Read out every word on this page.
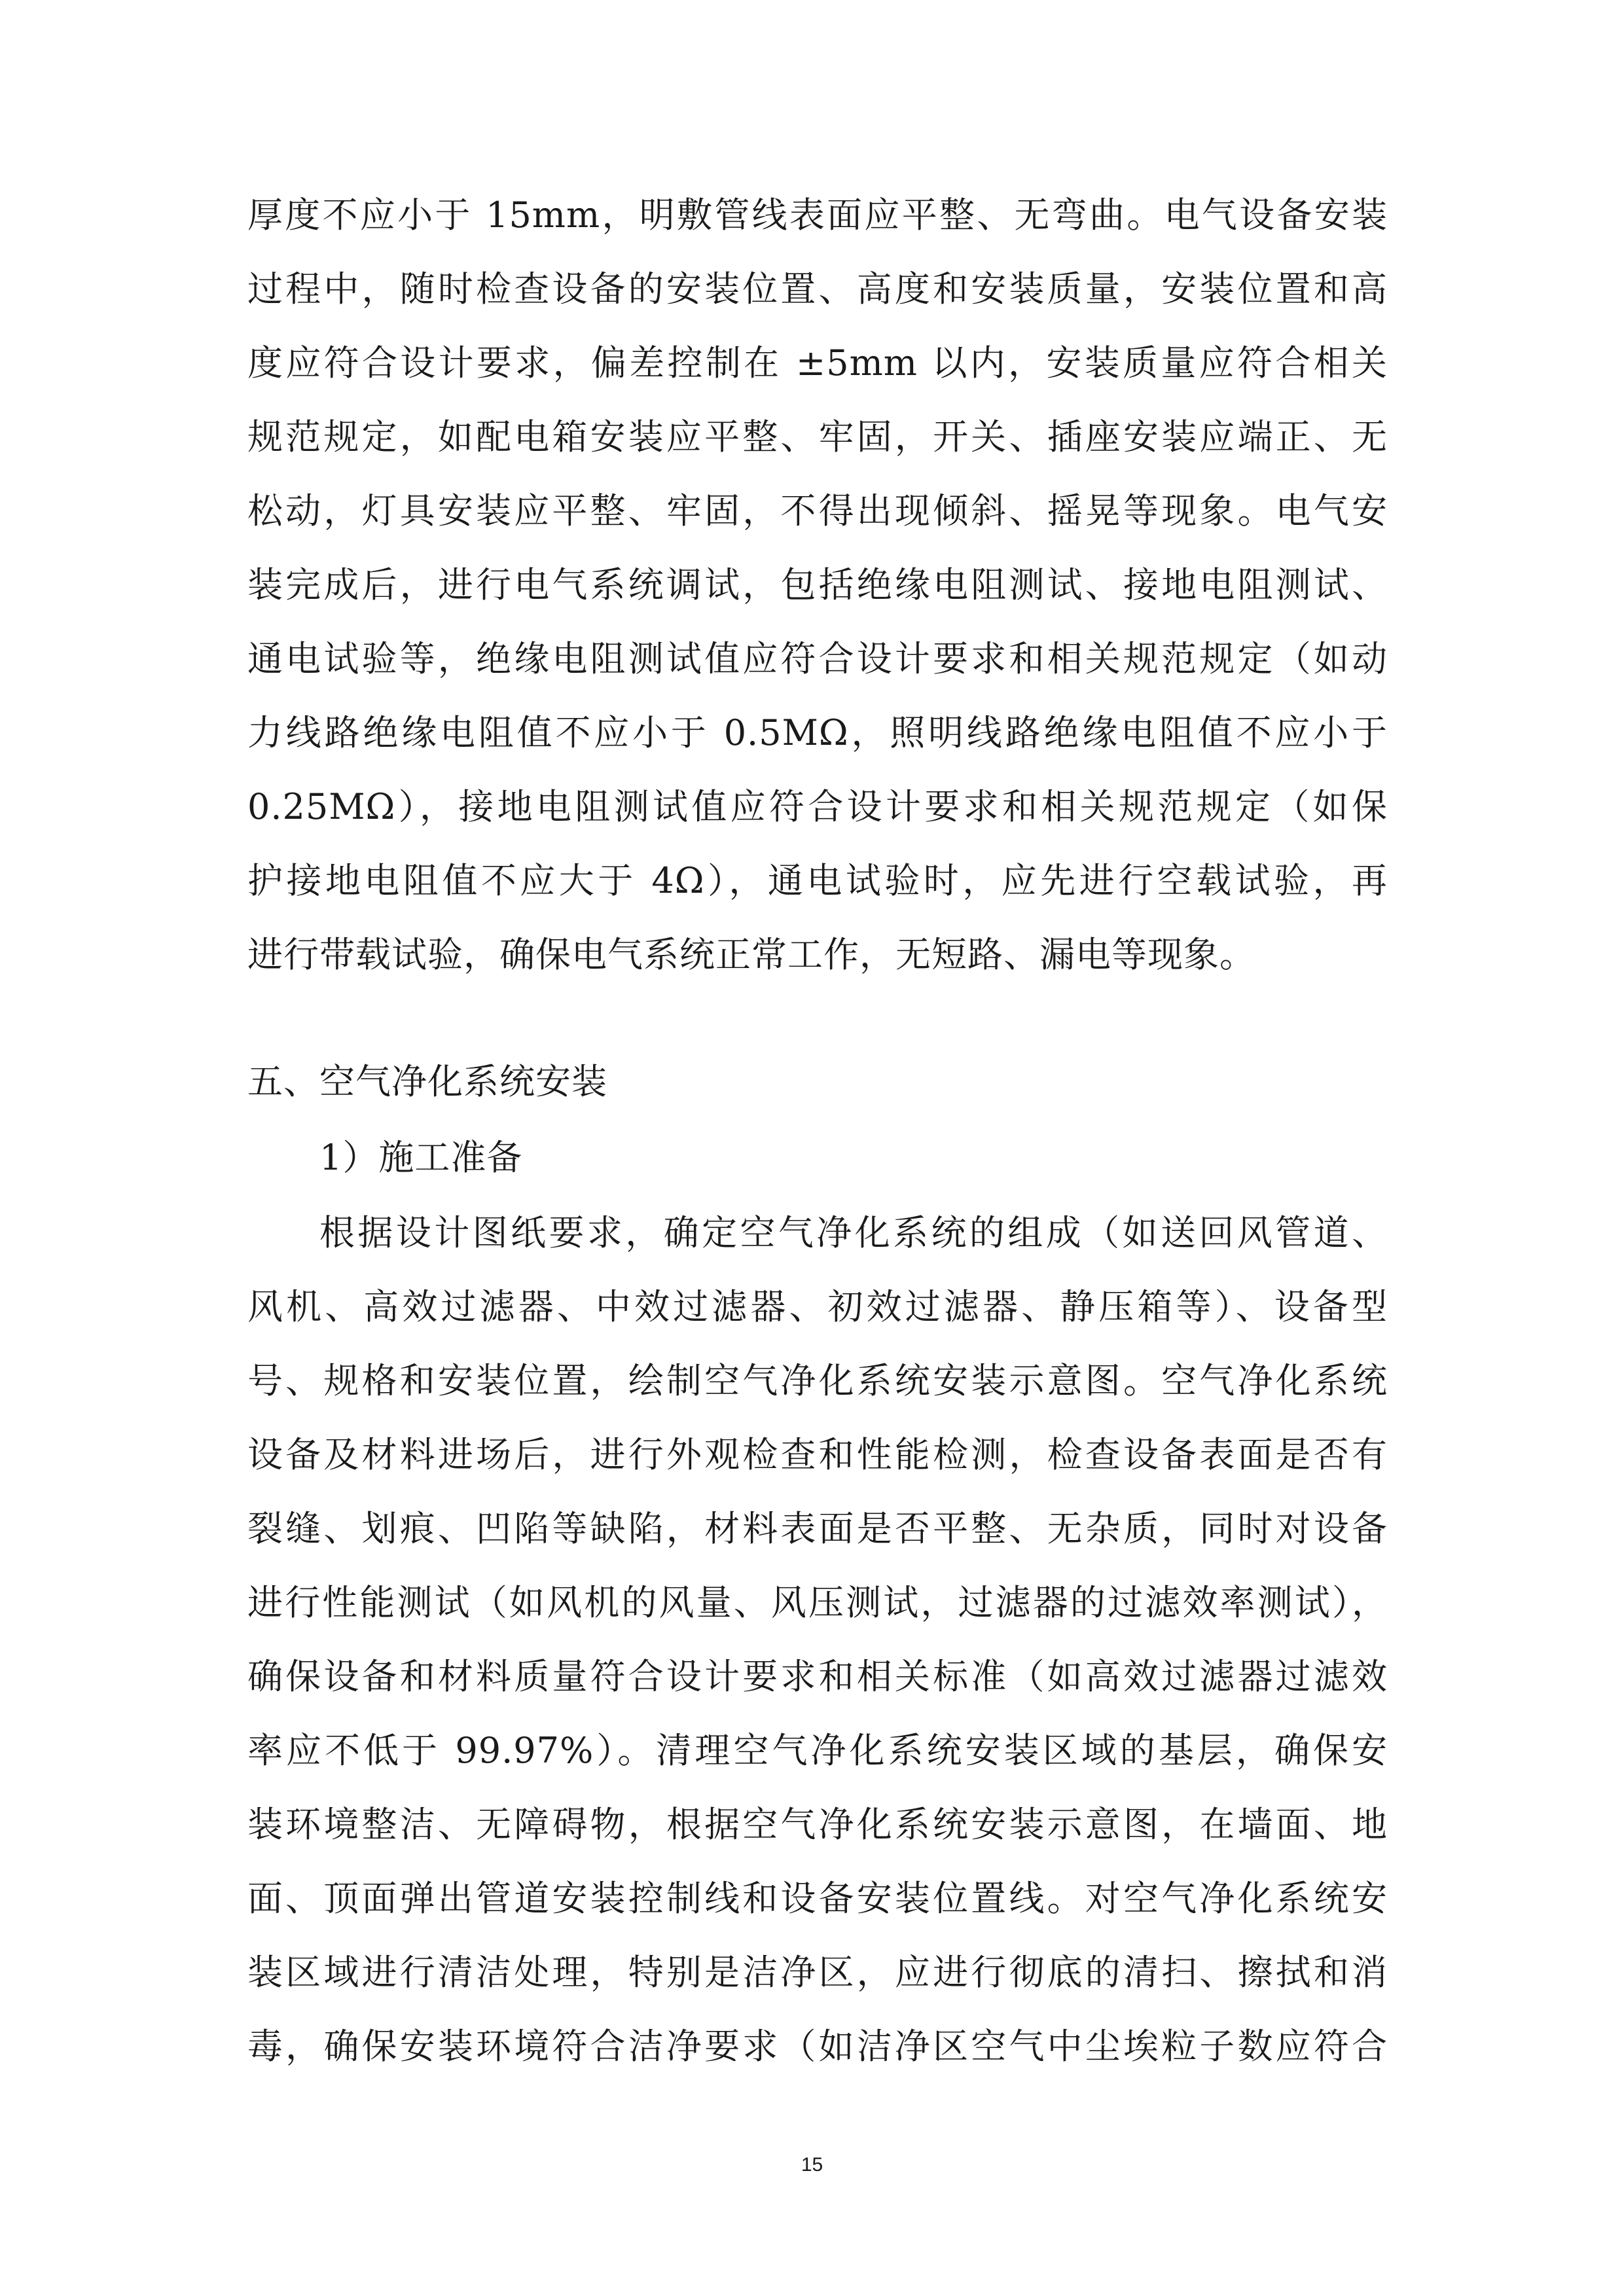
厚度不应小于 15mm，明敷管线表面应平整、无弯曲。电气设备安装
过程中，随时检查设备的安装位置、高度和安装质量，安装位置和高
度应符合设计要求，偏差控制在 ±5mm 以内，安装质量应符合相关
规范规定，如配电箱安装应平整、牢固，开关、插座安装应端正、无
松动，灯具安装应平整、牢固，不得出现倾斜、摇晃等现象。电气安
装完成后，进行电气系统调试，包括绝缘电阻测试、接地电阻测试、
通电试验等，绝缘电阻测试值应符合设计要求和相关规范规定（如动
力线路绝缘电阻值不应小于 0.5MΩ，照明线路绝缘电阻值不应小于
0.25MΩ），接地电阻测试值应符合设计要求和相关规范规定（如保
护接地电阻值不应大于 4Ω），通电试验时，应先进行空载试验，再
进行带载试验，确保电气系统正常工作，无短路、漏电等现象。
五、空气净化系统安装
1）施工准备
根据设计图纸要求，确定空气净化系统的组成（如送回风管道、
风机、高效过滤器、中效过滤器、初效过滤器、静压箱等）、设备型
号、规格和安装位置，绘制空气净化系统安装示意图。空气净化系统
设备及材料进场后，进行外观检查和性能检测，检查设备表面是否有
裂缝、划痕、凹陷等缺陷，材料表面是否平整、无杂质，同时对设备
进行性能测试（如风机的风量、风压测试，过滤器的过滤效率测试），
确保设备和材料质量符合设计要求和相关标准（如高效过滤器过滤效
率应不低于 99.97%）。清理空气净化系统安装区域的基层，确保安
装环境整洁、无障碍物，根据空气净化系统安装示意图，在墙面、地
面、顶面弹出管道安装控制线和设备安装位置线。对空气净化系统安
装区域进行清洁处理，特别是洁净区，应进行彻底的清扫、擦拭和消
毒，确保安装环境符合洁净要求（如洁净区空气中尘埃粒子数应符合
15
